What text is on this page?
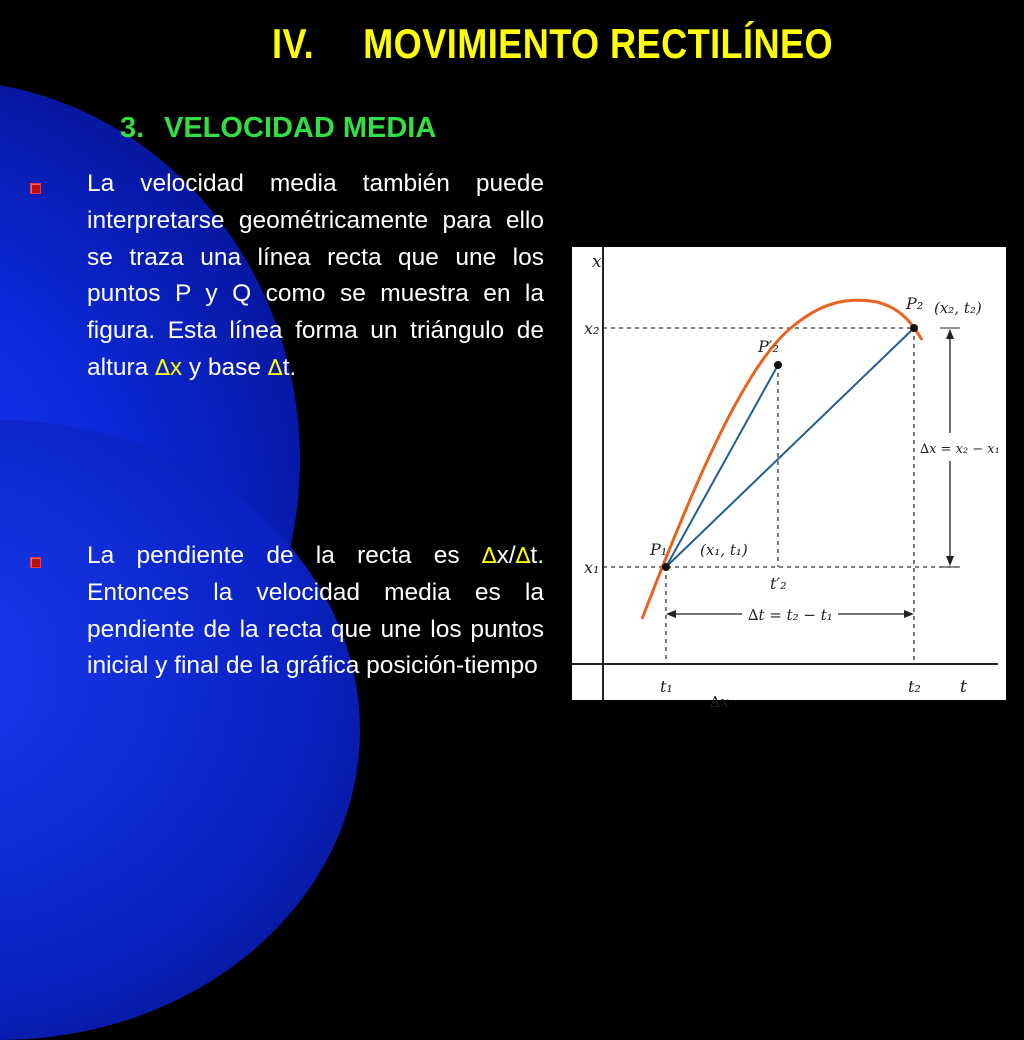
IV. MOVIMIENTO RECTILÍNEO
3. VELOCIDAD MEDIA
La velocidad media también puede interpretarse geométricamente para ello se traza una línea recta que une los puntos P y Q como se muestra en la figura. Esta línea forma un triángulo de altura ∆x y base ∆t.
La pendiente de la recta es ∆x/∆t. Entonces la velocidad media es la pendiente de la recta que une los puntos inicial y final de la gráfica posición-tiempo
x
t
x₂
x₁
t₁	t₂
P₂ (x₂, t₂)
P′₂
P₁ (x₁, t₁)
t′₂
∆x = x₂ − x₁
∆t = t₂ − t₁
∆x
